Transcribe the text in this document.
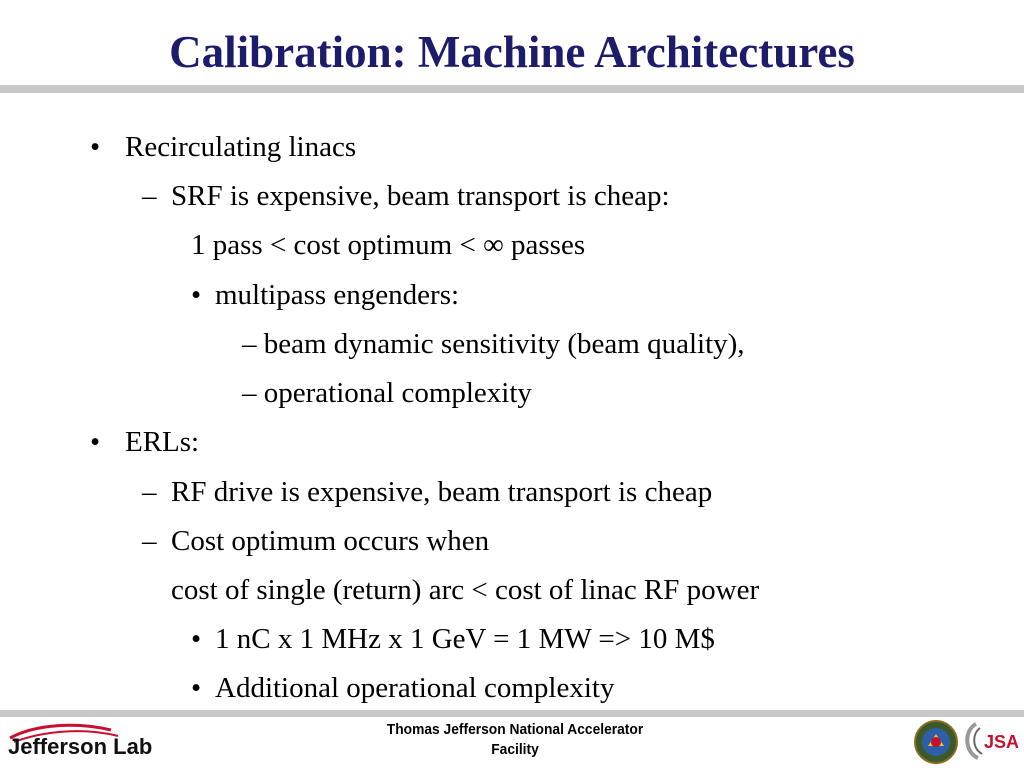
Calibration: Machine Architectures
• Recirculating linacs
– SRF is expensive, beam transport is cheap:
1 pass < cost optimum < ∞ passes
• multipass engenders:
– beam dynamic sensitivity (beam quality),
– operational complexity
• ERLs:
– RF drive is expensive, beam transport is cheap
– Cost optimum occurs when
cost of single (return) arc < cost of linac RF power
• 1 nC x 1 MHz x 1 GeV = 1 MW => 10 M$
• Additional operational complexity
Jefferson Lab
Thomas Jefferson National Accelerator Facility	JSA
